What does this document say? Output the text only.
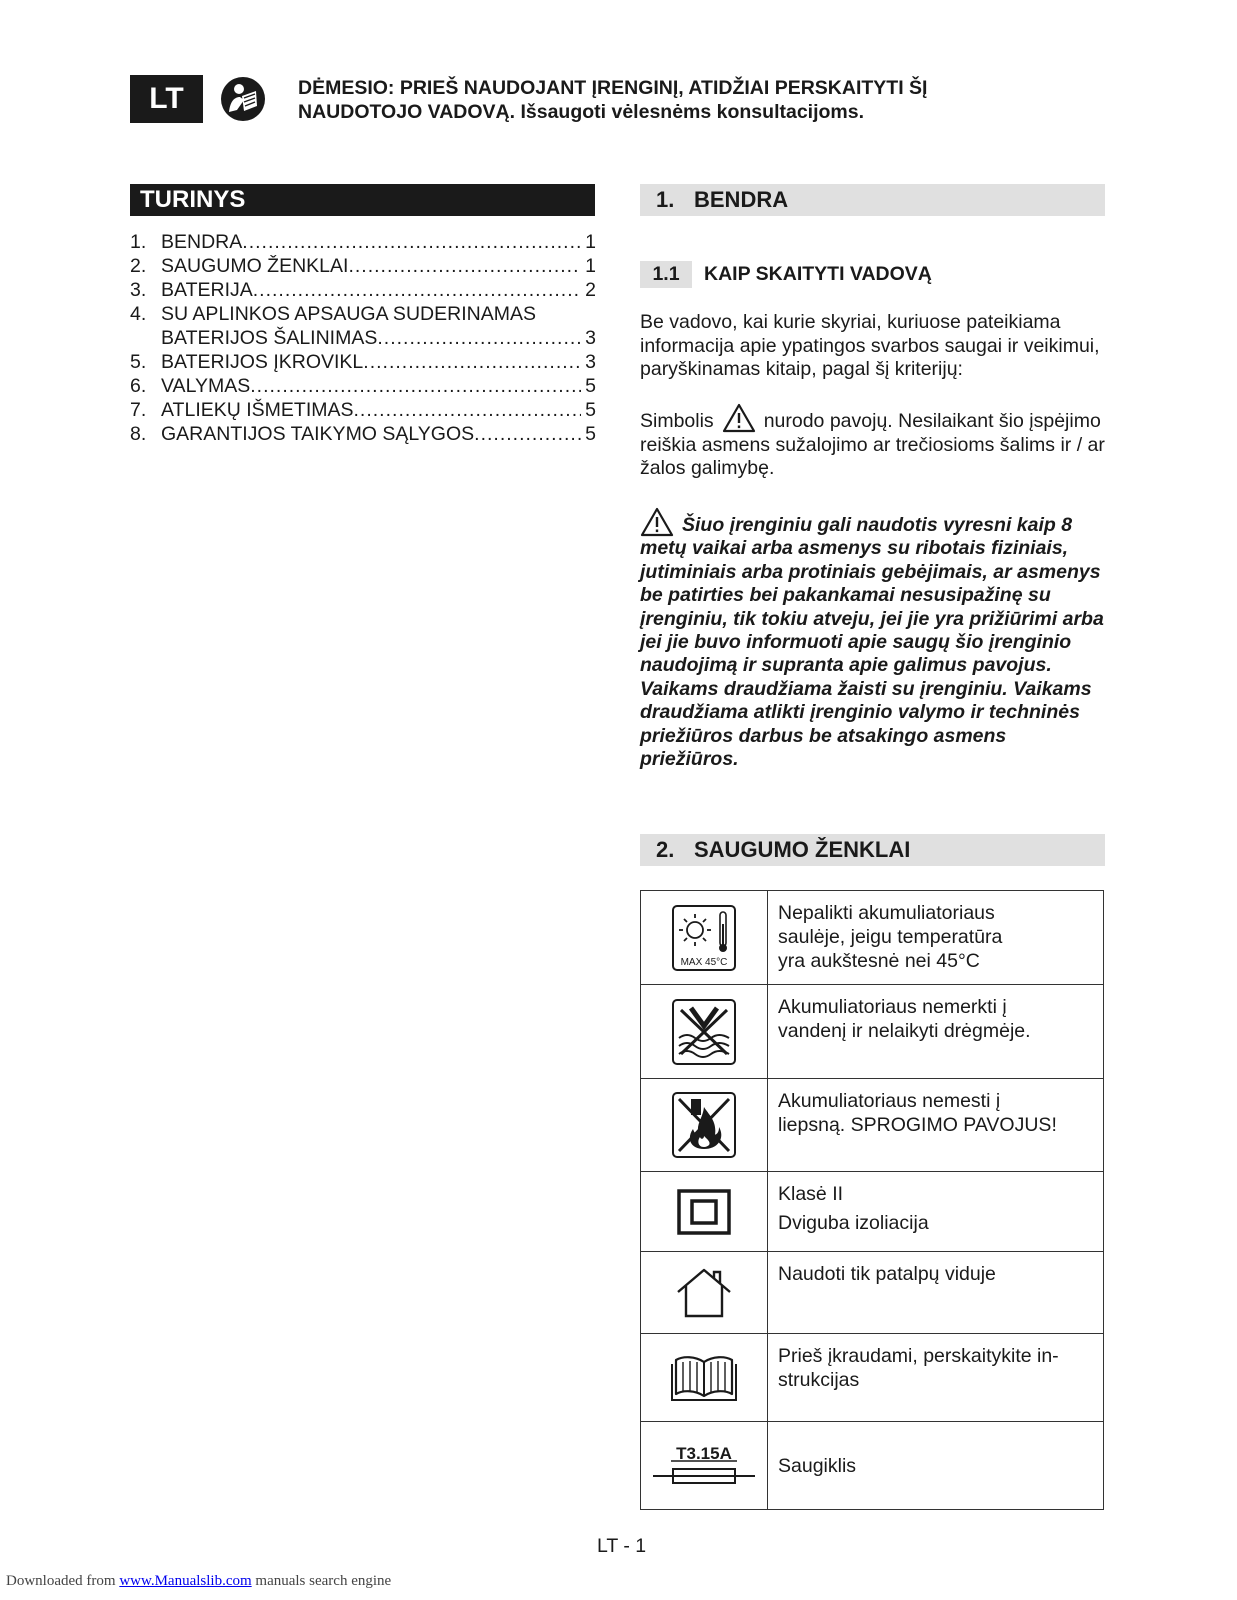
LT	DĖMESIO: PRIEŠ NAUDOJANT ĮRENGINĮ, ATIDŽIAI PERSKAITYTI ŠĮ
NAUDOTOJO VADOVĄ. Išsaugoti vėlesnėms konsultacijoms.
TURINYS
1. BENDRA .....	1
2. SAUGUMO ŽENKLAI .....	1
3. BATERIJA .....	2
4. SU APLINKOS APSAUGA SUDERINAMAS
BATERIJOS ŠALINIMAS .....	3
5. BATERIJOS ĮKROVIKL .....	3
6. VALYMAS .....	5
7. ATLIEKŲ IŠMETIMAS .....	5
8. GARANTIJOS TAIKYMO SĄLYGOS .....	5
1. BENDRA
1.1	KAIP SKAITYTI VADOVĄ

Be vadovo, kai kurie skyriai, kuriuose pateikiama informacija apie ypatingos svarbos saugai ir veikimui, paryškinamas kitaip, pagal šį kriterijų:

Simbolis	nurodo pavojų. Nesilaikant šio įspėjimo reiškia asmens sužalojimo ar trečiosioms šalims ir / ar žalos galimybę.

Šiuo įrenginiu gali naudotis vyresni kaip 8 metų vaikai arba asmenys su ribotais fiziniais, jutiminiais arba protiniais gebėjimais, ar asmenys be patirties bei pakankamai nesusipažinę su įrenginiu, tik tokiu atveju, jei jie yra prižiūrimi arba jei jie buvo informuoti apie saugų šio įrenginio naudojimą ir supranta apie galimus pavojus. Vaikams draudžiama žaisti su įrenginiu. Vaikams draudžiama atlikti įrenginio valymo ir techninės priežiūros darbus be atsakingo asmens priežiūros.

2. SAUGUMO ŽENKLAI
MAX 45°C	Nepalikti akumuliatoriaus
saulėje, jeigu temperatūra
yra aukštesnė nei 45°C

Akumuliatoriaus nemerkti į
vandenį ir nelaikyti drėgmėje.

Akumuliatoriaus nemesti į
liepsną. SPROGIMO PAVOJUS!

Klasė II
Dviguba izoliacija

Naudoti tik patalpų viduje

Prieš įkraudami, perskaitykite in-
strukcijas

T3.15A	Saugiklis
LT - 1
Downloaded from www.Manualslib.com manuals search engine
